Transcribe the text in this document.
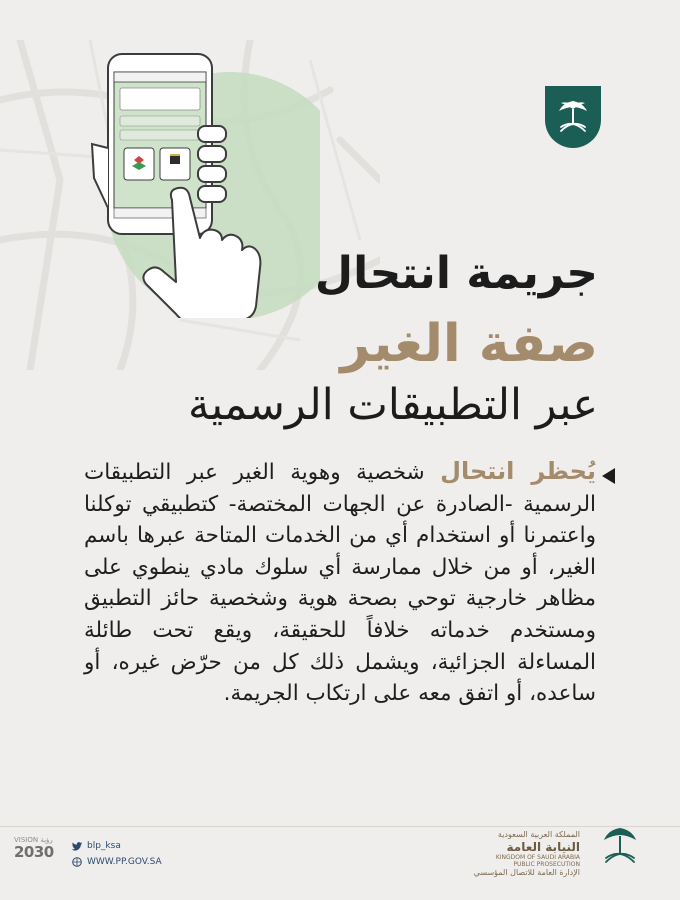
جريمة انتحال
صفة الغير
عبر التطبيقات الرسمية
يُحظر انتحال شخصية وهوية الغير عبر التطبيقات الرسمية -الصادرة عن الجهات المختصة- كتطبيقي توكلنا واعتمرنا أو استخدام أي من الخدمات المتاحة عبرها باسم الغير، أو من خلال ممارسة أي سلوك مادي ينطوي على مظاهر خارجية توحي بصحة هوية وشخصية حائز التطبيق ومستخدم خدماته خلافاً للحقيقة، ويقع تحت طائلة المساءلة الجزائية، ويشمل ذلك كل من حرّض غيره، أو ساعده، أو اتفق معه على ارتكاب الجريمة.
المملكة العربية السعودية
النيابة العامة
KINGDOM OF SAUDI ARABIA
PUBLIC PROSECUTION
الإدارة العامة للاتصال المؤسسي
blp_ksa
WWW.PP.GOV.SA
VISION رؤية
2030
